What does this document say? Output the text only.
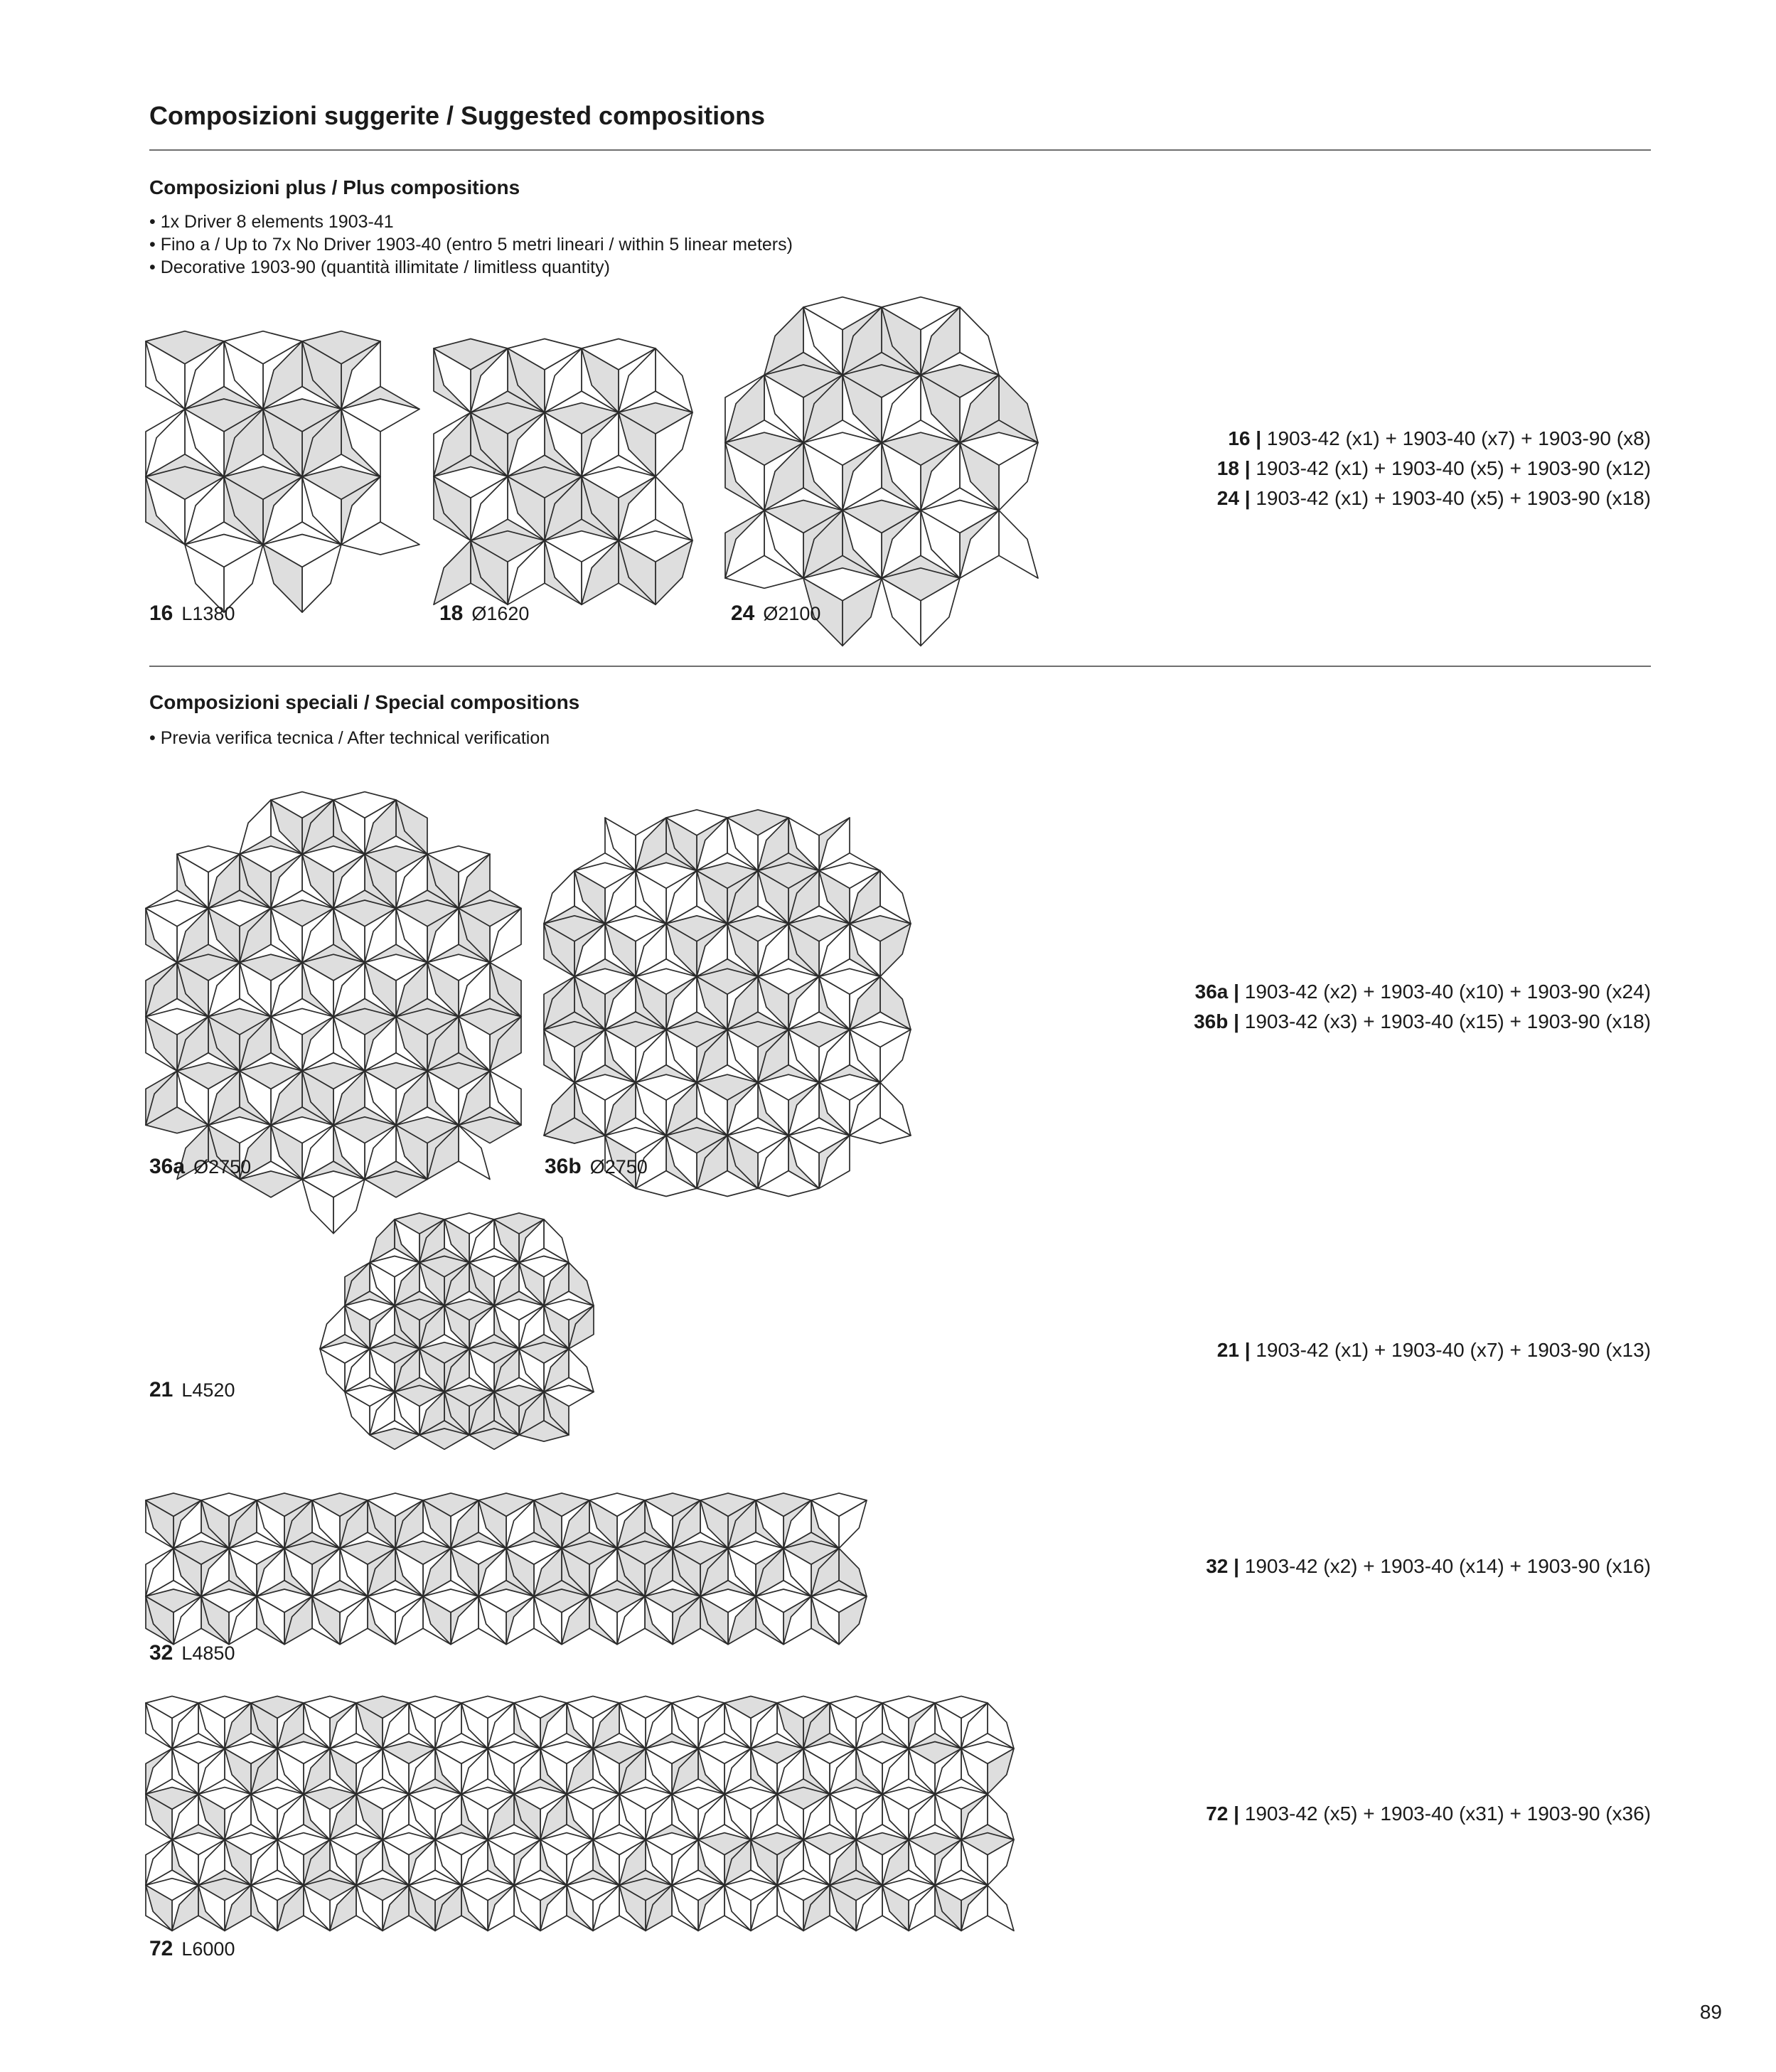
Composizioni suggerite / Suggested compositions
Composizioni plus / Plus compositions
• 1x Driver 8 elements 1903-41
• Fino a / Up to 7x No Driver 1903-40 (entro 5 metri lineari / within 5 linear meters)
• Decorative 1903-90 (quantità illimitate / limitless quantity)
16 L1380	18 Ø1620	24 Ø2100
16 | 1903-42 (x1) + 1903-40 (x7) + 1903-90 (x8)
18 | 1903-42 (x1) + 1903-40 (x5) + 1903-90 (x12)
24 | 1903-42 (x1) + 1903-40 (x5) + 1903-90 (x18)
Composizioni speciali / Special compositions
• Previa verifica tecnica / After technical verification
36a Ø2750	36b Ø2750
36a | 1903-42 (x2) + 1903-40 (x10) + 1903-90 (x24)
36b | 1903-42 (x3) + 1903-40 (x15) + 1903-90 (x18)
21 L4520
21 | 1903-42 (x1) + 1903-40 (x7) + 1903-90 (x13)
32 L4850
32 | 1903-42 (x2) + 1903-40 (x14) + 1903-90 (x16)
72 L6000
72 | 1903-42 (x5) + 1903-40 (x31) + 1903-90 (x36)
89
